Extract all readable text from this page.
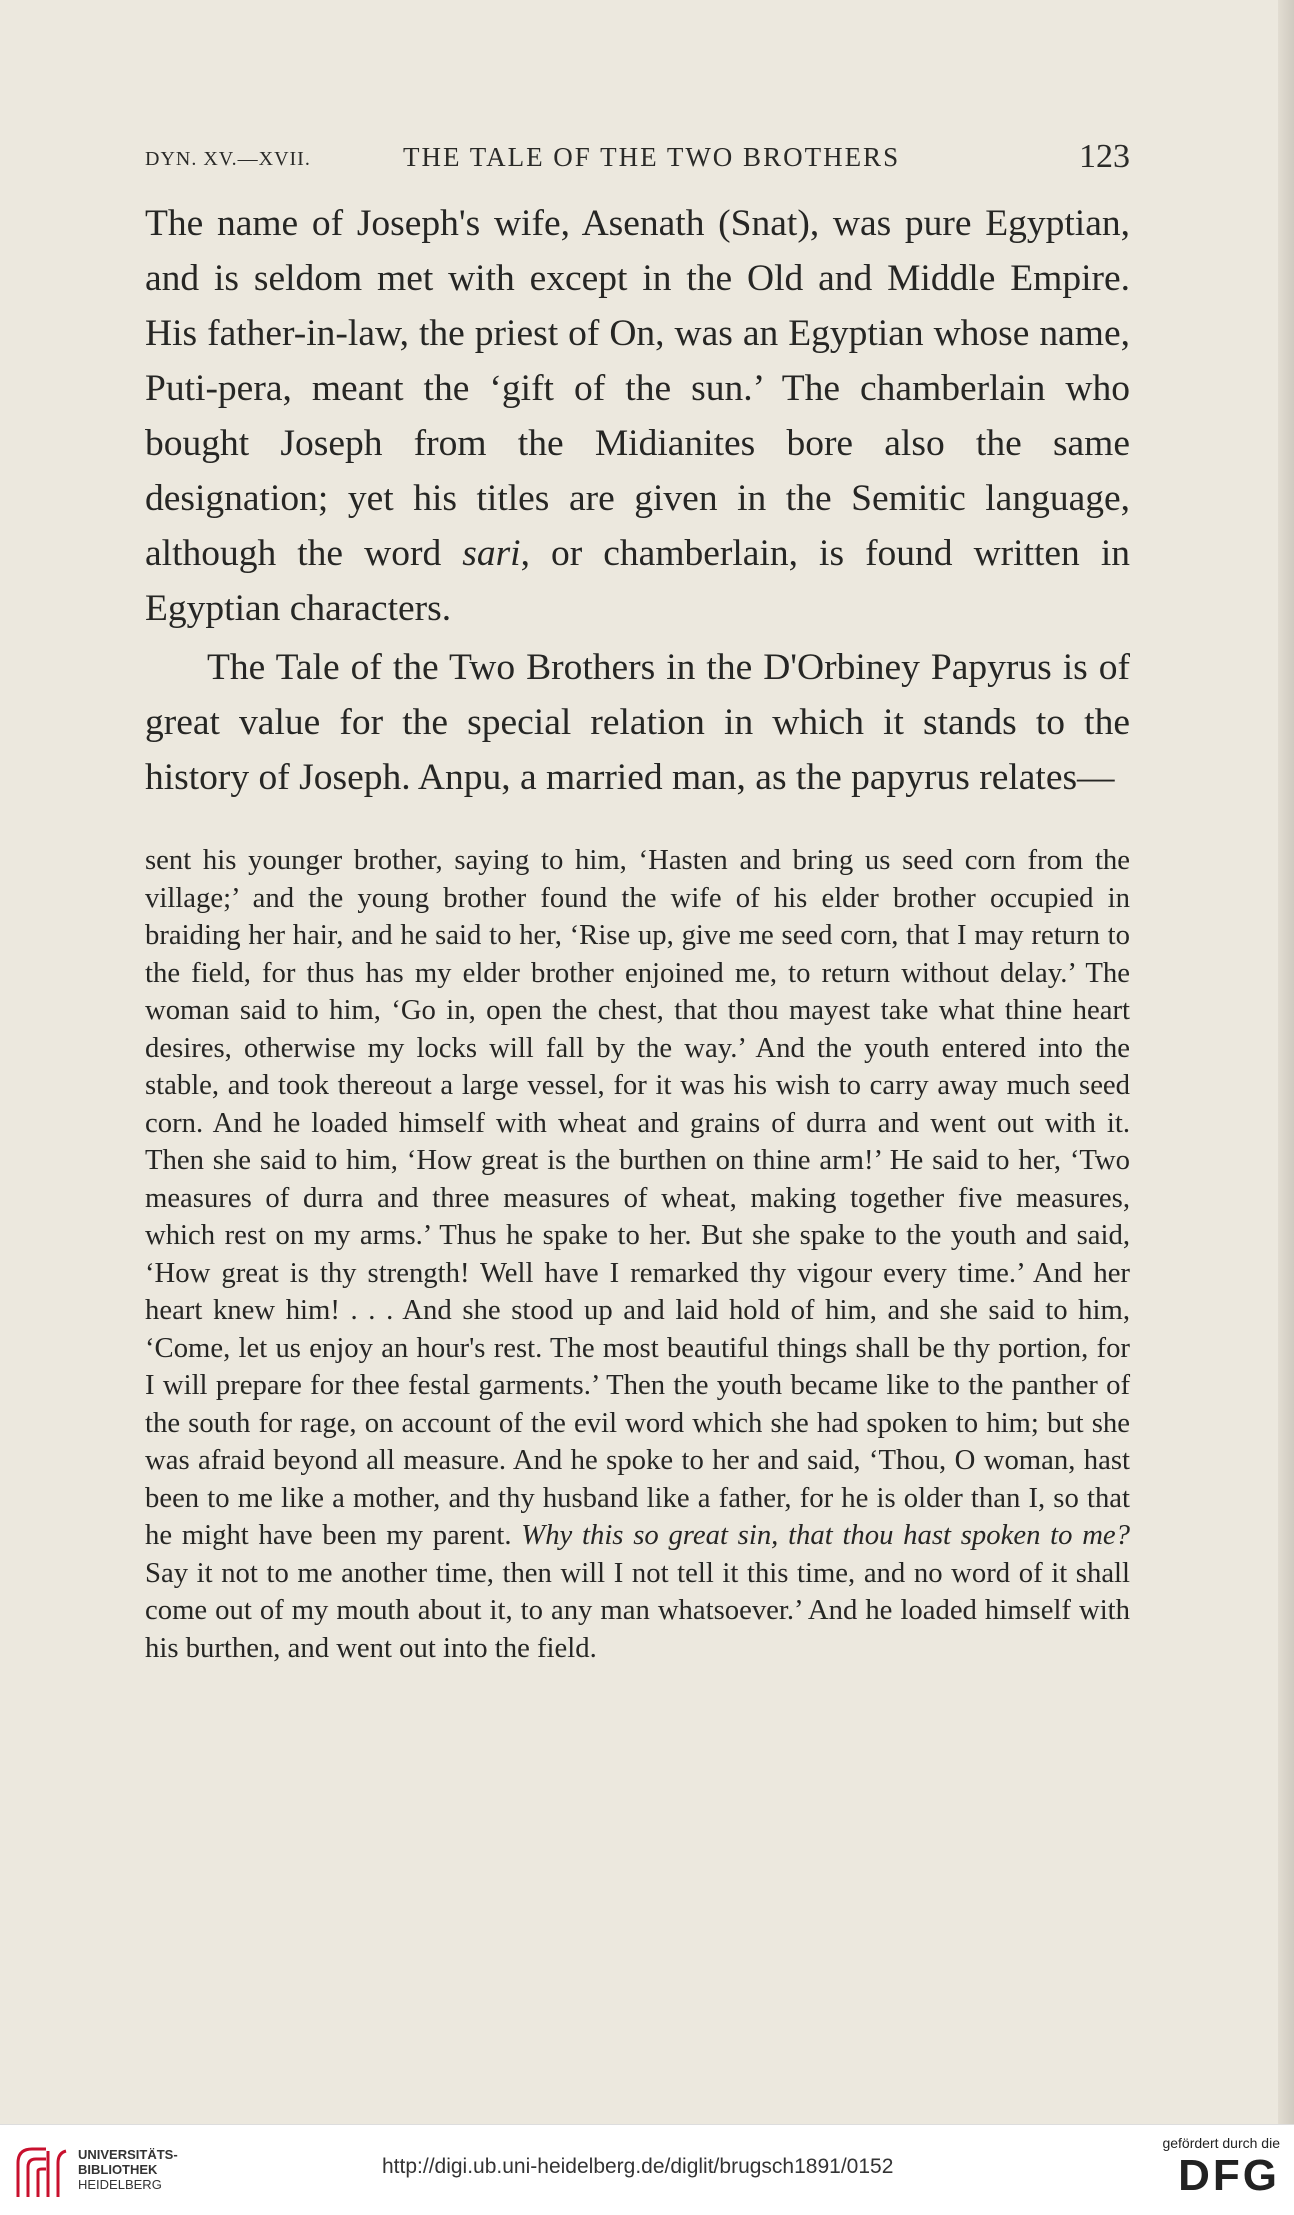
DYN. XV.—XVII.	THE TALE OF THE TWO BROTHERS	123

The name of Joseph's wife, Asenath (Snat), was pure Egyptian, and is seldom met with except in the Old and Middle Empire. His father-in-law, the priest of On, was an Egyptian whose name, Puti-pera, meant the ‘gift of the sun.’ The chamberlain who bought Joseph from the Midianites bore also the same designation; yet his titles are given in the Semitic language, although the word sari, or chamberlain, is found written in Egyptian characters.

The Tale of the Two Brothers in the D'Orbiney Papyrus is of great value for the special relation in which it stands to the history of Joseph. Anpu, a married man, as the papyrus relates—

sent his younger brother, saying to him, ‘Hasten and bring us seed corn from the village;’ and the young brother found the wife of his elder brother occupied in braiding her hair, and he said to her, ‘Rise up, give me seed corn, that I may return to the field, for thus has my elder brother enjoined me, to return without delay.’ The woman said to him, ‘Go in, open the chest, that thou mayest take what thine heart desires, otherwise my locks will fall by the way.’ And the youth entered into the stable, and took thereout a large vessel, for it was his wish to carry away much seed corn. And he loaded himself with wheat and grains of durra and went out with it. Then she said to him, ‘How great is the burthen on thine arm!’ He said to her, ‘Two measures of durra and three measures of wheat, making together five measures, which rest on my arms.’ Thus he spake to her. But she spake to the youth and said, ‘How great is thy strength! Well have I remarked thy vigour every time.’ And her heart knew him! . . . And she stood up and laid hold of him, and she said to him, ‘Come, let us enjoy an hour's rest. The most beautiful things shall be thy portion, for I will prepare for thee festal garments.’ Then the youth became like to the panther of the south for rage, on account of the evil word which she had spoken to him; but she was afraid beyond all measure. And he spoke to her and said, ‘Thou, O woman, hast been to me like a mother, and thy husband like a father, for he is older than I, so that he might have been my parent. Why this so great sin, that thou hast spoken to me? Say it not to me another time, then will I not tell it this time, and no word of it shall come out of my mouth about it, to any man whatsoever.’ And he loaded himself with his burthen, and went out into the field.

UNIVERSITÄTS-
BIBLIOTHEK
HEIDELBERG
http://digi.ub.uni-heidelberg.de/diglit/brugsch1891/0152
gefördert durch die
DFG
